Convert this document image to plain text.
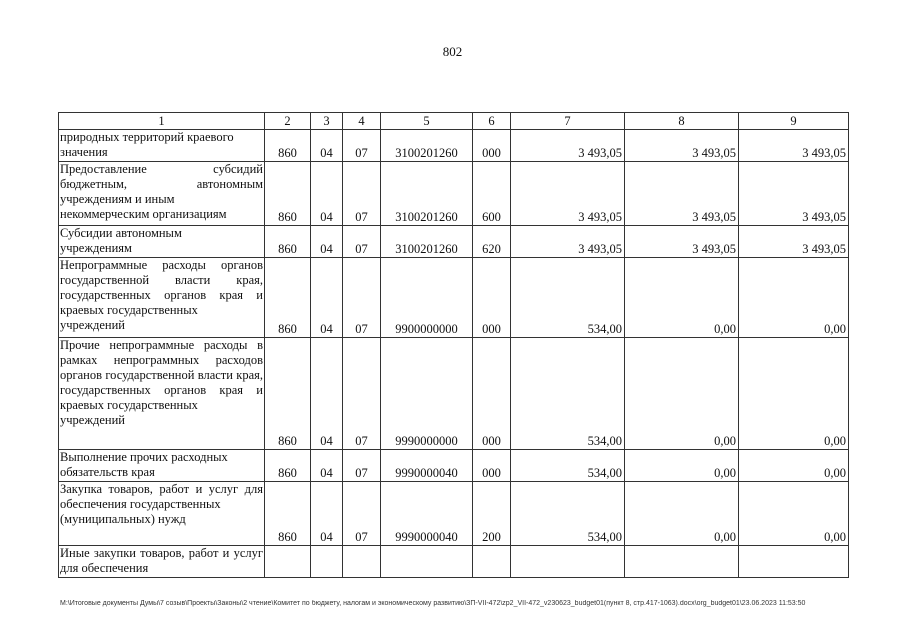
802
1	2	3	4	5	6	7	8	9

природных территорий краевого
значения	860	04	07	3100201260	000	3 493,05	3 493,05	3 493,05

Предоставление субсидий бюджетным, автономным учреждениям и иным
некоммерческим организациям	860	04	07	3100201260	600	3 493,05	3 493,05	3 493,05

Субсидии автономным
учреждениям	860	04	07	3100201260	620	3 493,05	3 493,05	3 493,05

Непрограммные расходы органов государственной власти края, государственных органов края и краевых государственных
учреждений	860	04	07	9900000000	000	534,00	0,00	0,00

Прочие непрограммные расходы в рамках непрограммных расходов органов государственной власти края, государственных органов края и краевых государственных
учреждений	860	04	07	9990000000	000	534,00	0,00	0,00

Выполнение прочих расходных
обязательств края	860	04	07	9990000040	000	534,00	0,00	0,00

Закупка товаров, работ и услуг для обеспечения государственных
(муниципальных) нужд	860	04	07	9990000040	200	534,00	0,00	0,00

Иные закупки товаров, работ и услуг для обеспечения								

M:\Итоговые документы Думы\7 созыв\Проекты\Законы\2 чтение\Комитет по бюджету, налогам и экономическому развитию\ЗП-VII-472\zp2_VII-472_v230623_budget01(пункт 8, стр.417-1063).docx\org_budget01\23.06.2023 11:53:50
